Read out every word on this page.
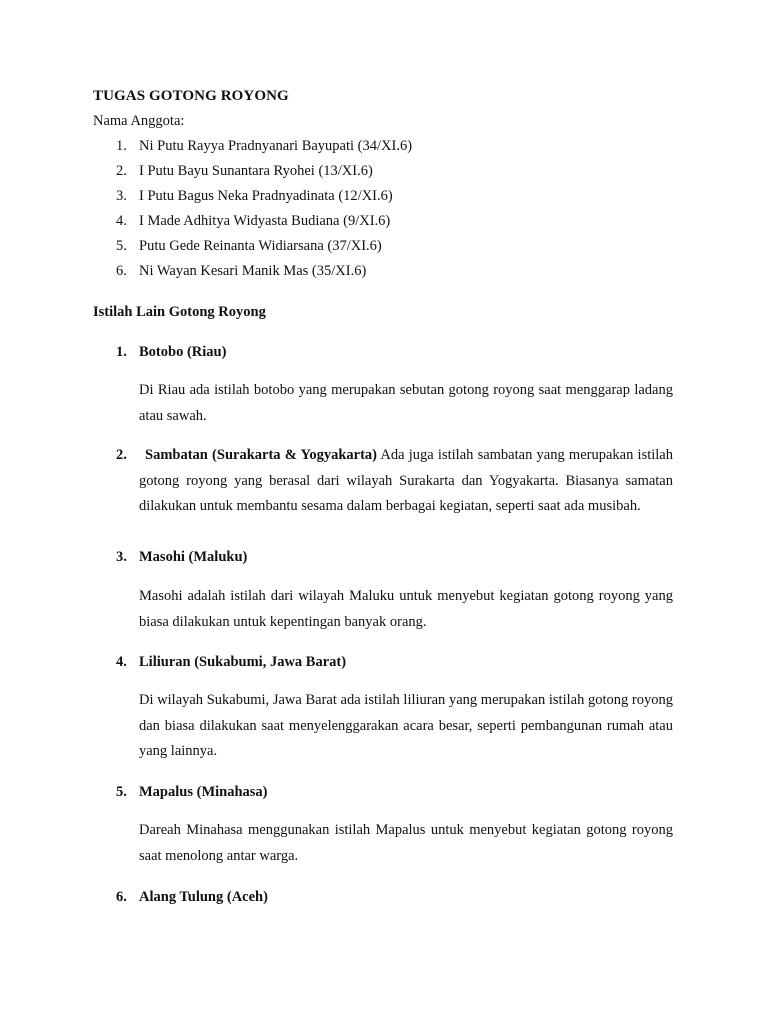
TUGAS GOTONG ROYONG
Nama Anggota:
1. Ni Putu Rayya Pradnyanari Bayupati (34/XI.6)
2. I Putu Bayu Sunantara Ryohei (13/XI.6)
3. I Putu Bagus Neka Pradnyadinata (12/XI.6)
4. I Made Adhitya Widyasta Budiana (9/XI.6)
5. Putu Gede Reinanta Widiarsana (37/XI.6)
6. Ni Wayan Kesari Manik Mas (35/XI.6)
Istilah Lain Gotong Royong
1. Botobo (Riau)
Di Riau ada istilah botobo yang merupakan sebutan gotong royong saat menggarap ladang atau sawah.
2.	Sambatan (Surakarta & Yogyakarta) Ada juga istilah sambatan yang merupakan istilah gotong royong yang berasal dari wilayah Surakarta dan Yogyakarta. Biasanya samatan dilakukan untuk membantu sesama dalam berbagai kegiatan, seperti saat ada musibah.
3. Masohi (Maluku)
Masohi adalah istilah dari wilayah Maluku untuk menyebut kegiatan gotong royong yang biasa dilakukan untuk kepentingan banyak orang.
4. Liliuran (Sukabumi, Jawa Barat)
Di wilayah Sukabumi, Jawa Barat ada istilah liliuran yang merupakan istilah gotong royong dan biasa dilakukan saat menyelenggarakan acara besar, seperti pembangunan rumah atau yang lainnya.
5. Mapalus (Minahasa)
Dareah Minahasa menggunakan istilah Mapalus untuk menyebut kegiatan gotong royong saat menolong antar warga.
6. Alang Tulung (Aceh)
